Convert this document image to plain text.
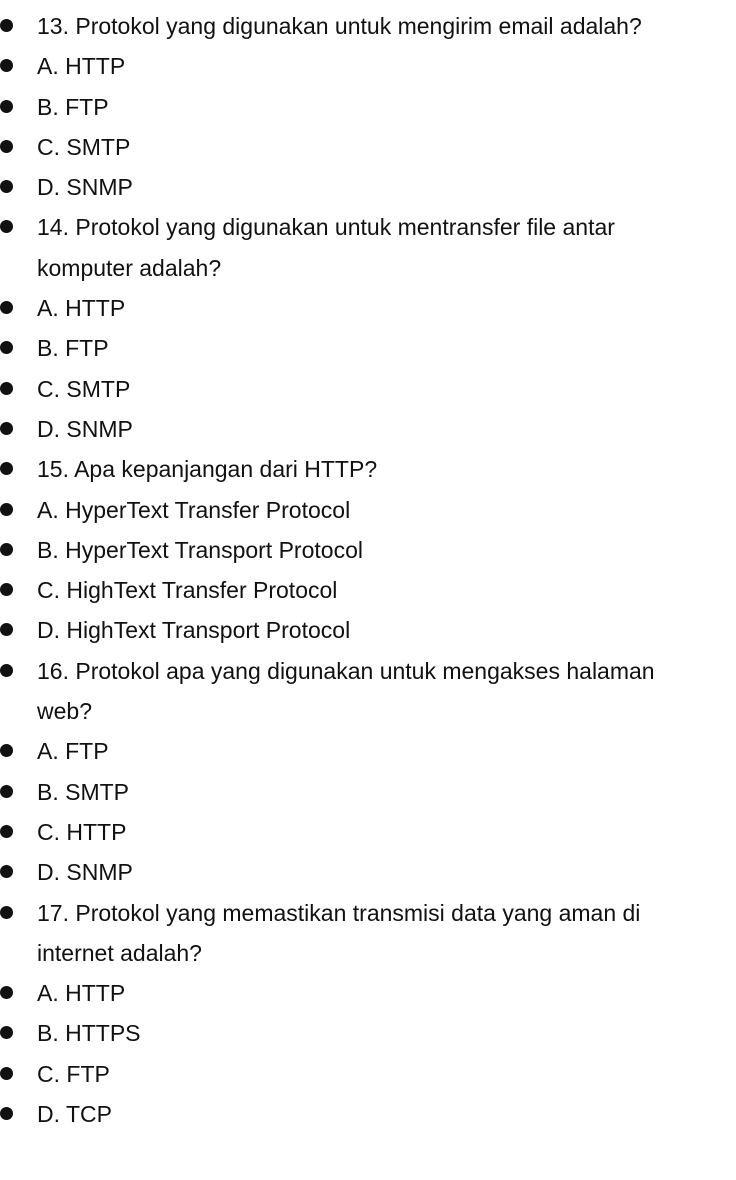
13. Protokol yang digunakan untuk mengirim email adalah?
A. HTTP
B. FTP
C. SMTP
D. SNMP
14. Protokol yang digunakan untuk mentransfer file antar komputer adalah?
A. HTTP
B. FTP
C. SMTP
D. SNMP
15. Apa kepanjangan dari HTTP?
A. HyperText Transfer Protocol
B. HyperText Transport Protocol
C. HighText Transfer Protocol
D. HighText Transport Protocol
16. Protokol apa yang digunakan untuk mengakses halaman web?
A. FTP
B. SMTP
C. HTTP
D. SNMP
17. Protokol yang memastikan transmisi data yang aman di internet adalah?
A. HTTP
B. HTTPS
C. FTP
D. TCP
